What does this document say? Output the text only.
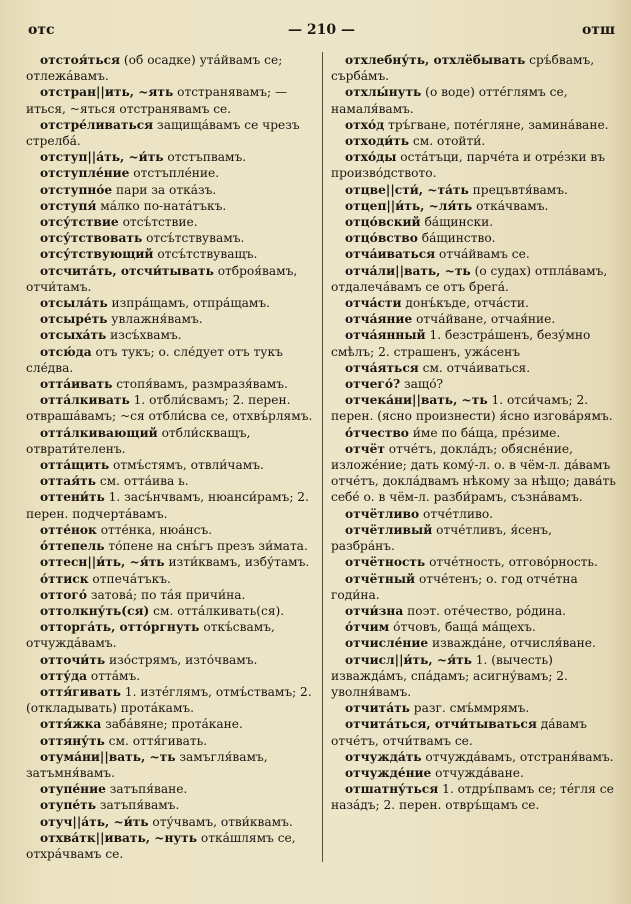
отс	— 210 —	отш
отстоя́ться (об осадке) утáйвамъ се; отлежáвамъ.
отстран||ить, ~ять отстранявамъ; —иться, ~яться отстранявамъ се.
отстре́ливаться защищáвамъ се чрезъ стрелбá.
отступ||áть, ~и́ть отстъпвамъ.
отступле́ние отстъпле́ние.
отступно́е пари за откáзъ.
отступя́ мáлко по-натáтъкъ.
отсу́тствие отсъ́тствие.
отсу́тствовать отсъ́тствувамъ.
отсу́тствующий отсъ́тствуващъ.
отсчита́ть, отсчи́тывать отброя́вамъ, отчи́тамъ.
отсыла́ть изпрáщамъ, отпрáщамъ.
отсыре́ть увлажня́вамъ.
отсыха́ть изсъ́хвамъ.
отсю́да отъ тукъ; о. сле́дует отъ тукъ сле́два.
отта́ивать стопя́вамъ, размразя́вамъ.
отта́лкивать 1. отбли́свамъ; 2. перен. отврашáвамъ; ~ся отбли́сва се, отхвъ́рлямъ.
отта́лкивающий отбли́скващъ, отврати́теленъ.
отта́щить отмъ́стямъ, отвли́чамъ.
оттая́ть см. отта́ива ь.
оттени́ть 1. засъ́нчвамъ, нюанси́рамъ; 2. перен. подчертáвамъ.
отте́нок оттéнка, нюáнсъ.
о́ттепель то́пене на снъ́гъ презъ зи́мата.
оттесн||и́ть, ~я́ть изти́квамъ, избу́тамъ.
о́ттиск отпечáтъкъ.
оттого́ затовá; по тáя причи́на.
оттолкну́ть(ся) см. оттáлкивать(ся).
отторга́ть, отто́ргнуть откъ́свамъ, отчуждáвамъ.
отточи́ть изо́стрямъ, изто́чвамъ.
отту́да оттáмъ.
оття́гивать 1. изтéглямъ, отмъ́ствамъ; 2. (откладывать) протáкамъ.
оття́жка забáвяне; протáкане.
оттяну́ть см. оття́гивать.
отума́ни||вать, ~ть замъгля́вамъ, затъмня́вамъ.
отупе́ние затъпя́ване.
отупе́ть затъпя́вамъ.
отуч||а́ть, ~и́ть оту́чвамъ, отви́квамъ.
отхва́тк||ивать, ~нуть откáшлямъ се, отхрáчвамъ се.
отхлебну́ть, отхлёбывать сръ́бвамъ, сърбáмъ.
отхлы́нуть (о воде) оттéглямъ се, намаля́вамъ.
отхо́д тръ́гване, потéгляне, заминáване.
отходи́ть см. отойти́.
отхо́ды остáтъци, парчéта и отрéзки въ произво́дството.
отцве||сти́, ~та́ть прецъвтя́вамъ.
отцеп||и́ть, ~ля́ть откáчвамъ.
отцо́вский бáщински.
отцо́вство бáщинство.
отча́иваться отчáйвамъ се.
отча́ли||вать, ~ть (о судах) отплáвамъ, отдалечáвамъ се отъ брегá.
отча́сти донъ́къде, отчáсти.
отча́яние отчáйване, отчая́ние.
отча́янный 1. безстрáшенъ, безу́мно смѣлъ; 2. страшенъ, ужáсенъ
отча́яться см. отчáиваться.
отчего́? защо́?
отчека́ни||вать, ~ть 1. отси́чамъ; 2. перен. (ясно произнести) я́сно изговáрямъ.
о́тчество и́ме по бáща, прéзиме.
отчёт отчéтъ, доклáдъ; обяснéние, изложéние; дать кому́-л. о. в чём-л. дáвамъ отчéтъ, доклáдвамъ нѣкому за нѣщо; дава́ть себе́ о. в чём-л. разби́рамъ, съзнáвамъ.
отчётливо отчéтливо.
отчётливый отчéтливъ, я́сенъ, разбрáнъ.
отчётность отчéтность, отговóрность.
отчётный отчéтенъ; о. год отчéтна годи́на.
отчи́зна поэт. отéчество, рóдина.
о́тчим о́тчовъ, бащá мáщехъ.
отчисле́ние изваждáне, отчисля́ване.
отчисл||и́ть, ~я́ть 1. (вычесть) изваждáмъ, спáдамъ; асигну́вамъ; 2. уволня́вамъ.
отчита́ть разг. смъ́ммрямъ.
отчита́ться, отчи́тываться дáвамъ отчéтъ, отчи́твамъ се.
отчужда́ть отчуждáвамъ, отстраня́вамъ.
отчужде́ние отчуждáване.
отшатну́ться 1. отдръ́пвамъ се; тéгля се назáдъ; 2. перен. отвръ́щамъ се.
